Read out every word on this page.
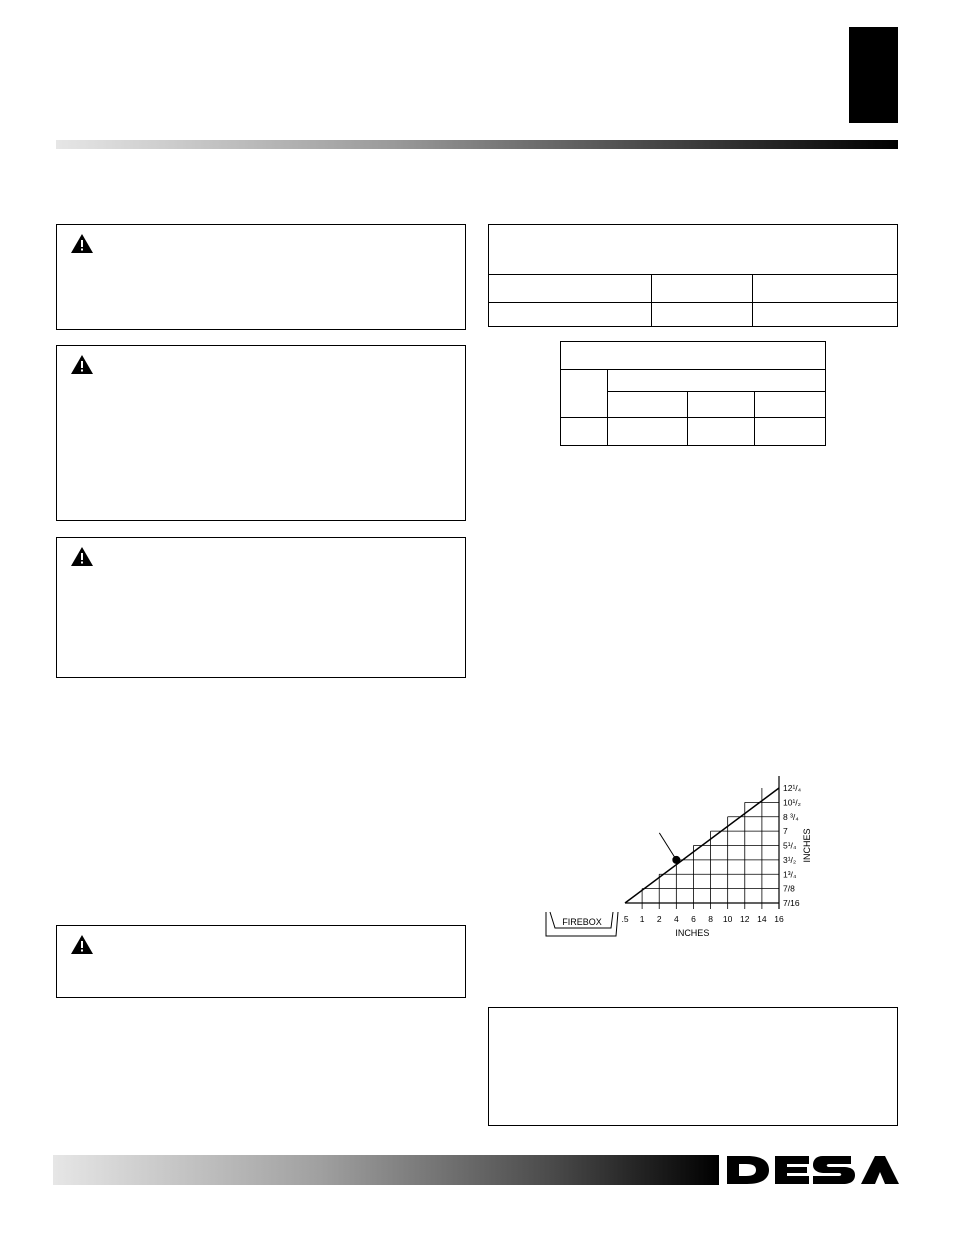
.5 1 2 4 6 8 10 12 14 16
7/16
7/8
1³/₄
3¹/₂
5¹/₄
7
8 ³/₄
10¹/₂
12¹/₄
INCHES
INCHES
FIREBOX
